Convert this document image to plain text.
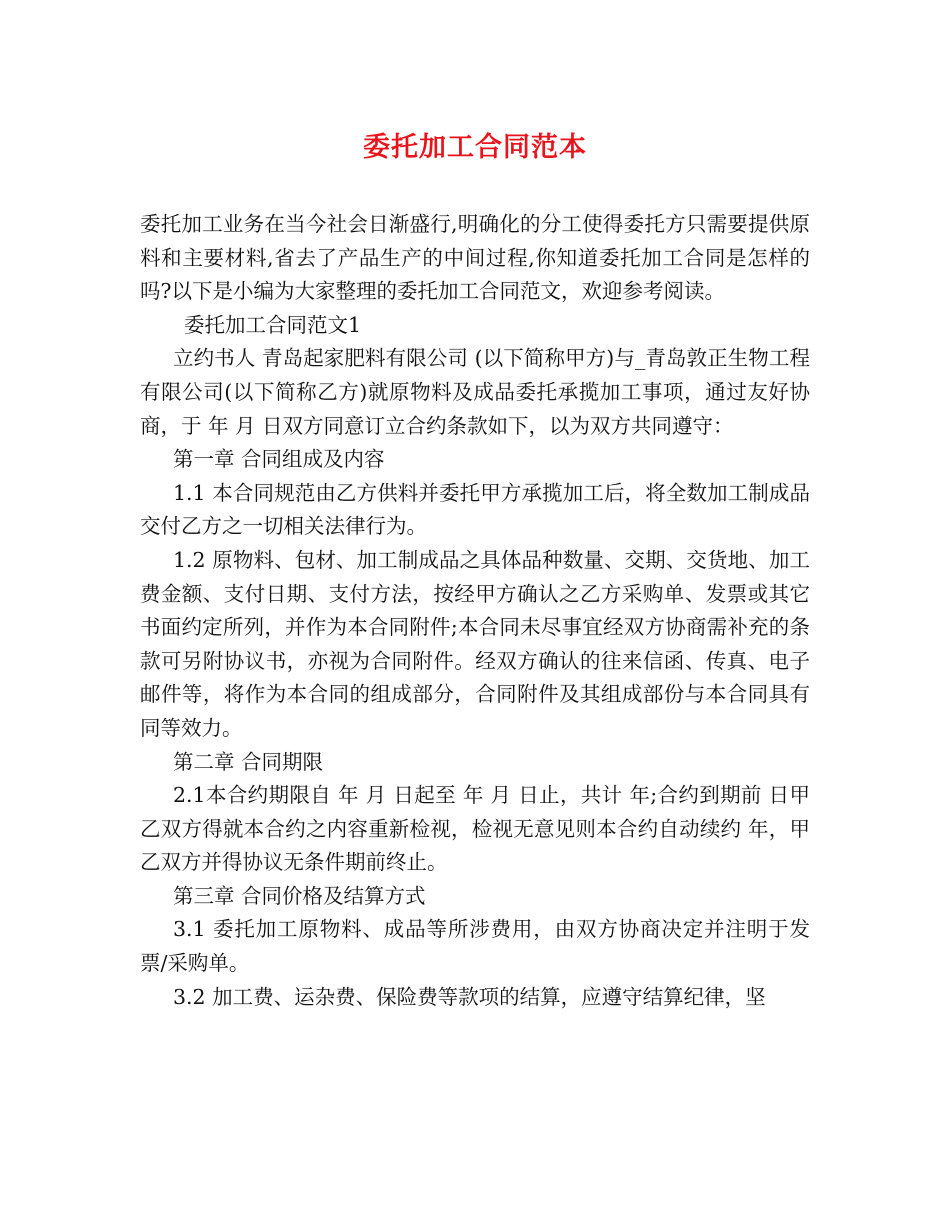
委托加工合同范本

委托加工业务在当今社会日渐盛行,明确化的分工使得委托方只需要提供原料和主要材料,省去了产品生产的中间过程,你知道委托加工合同是怎样的吗?以下是小编为大家整理的委托加工合同范文，欢迎参考阅读。

委托加工合同范文1

立约书人 青岛起家肥料有限公司 (以下简称甲方)与_青岛敦正生物工程有限公司(以下简称乙方)就原物料及成品委托承揽加工事项，通过友好协商，于 年 月 日双方同意订立合约条款如下，以为双方共同遵守：

第一章 合同组成及内容

1.1 本合同规范由乙方供料并委托甲方承揽加工后，将全数加工制成品交付乙方之一切相关法律行为。

1.2 原物料、包材、加工制成品之具体品种数量、交期、交货地、加工费金额、支付日期、支付方法，按经甲方确认之乙方采购单、发票或其它书面约定所列，并作为本合同附件;本合同未尽事宜经双方协商需补充的条款可另附协议书，亦视为合同附件。经双方确认的往来信函、传真、电子邮件等，将作为本合同的组成部分，合同附件及其组成部份与本合同具有同等效力。

第二章 合同期限

2.1本合约期限自 年 月 日起至 年 月 日止，共计 年;合约到期前 日甲乙双方得就本合约之内容重新检视，检视无意见则本合约自动续约 年，甲乙双方并得协议无条件期前终止。

第三章 合同价格及结算方式

3.1 委托加工原物料、成品等所涉费用，由双方协商决定并注明于发票/采购单。

3.2 加工费、运杂费、保险费等款项的结算，应遵守结算纪律，坚
